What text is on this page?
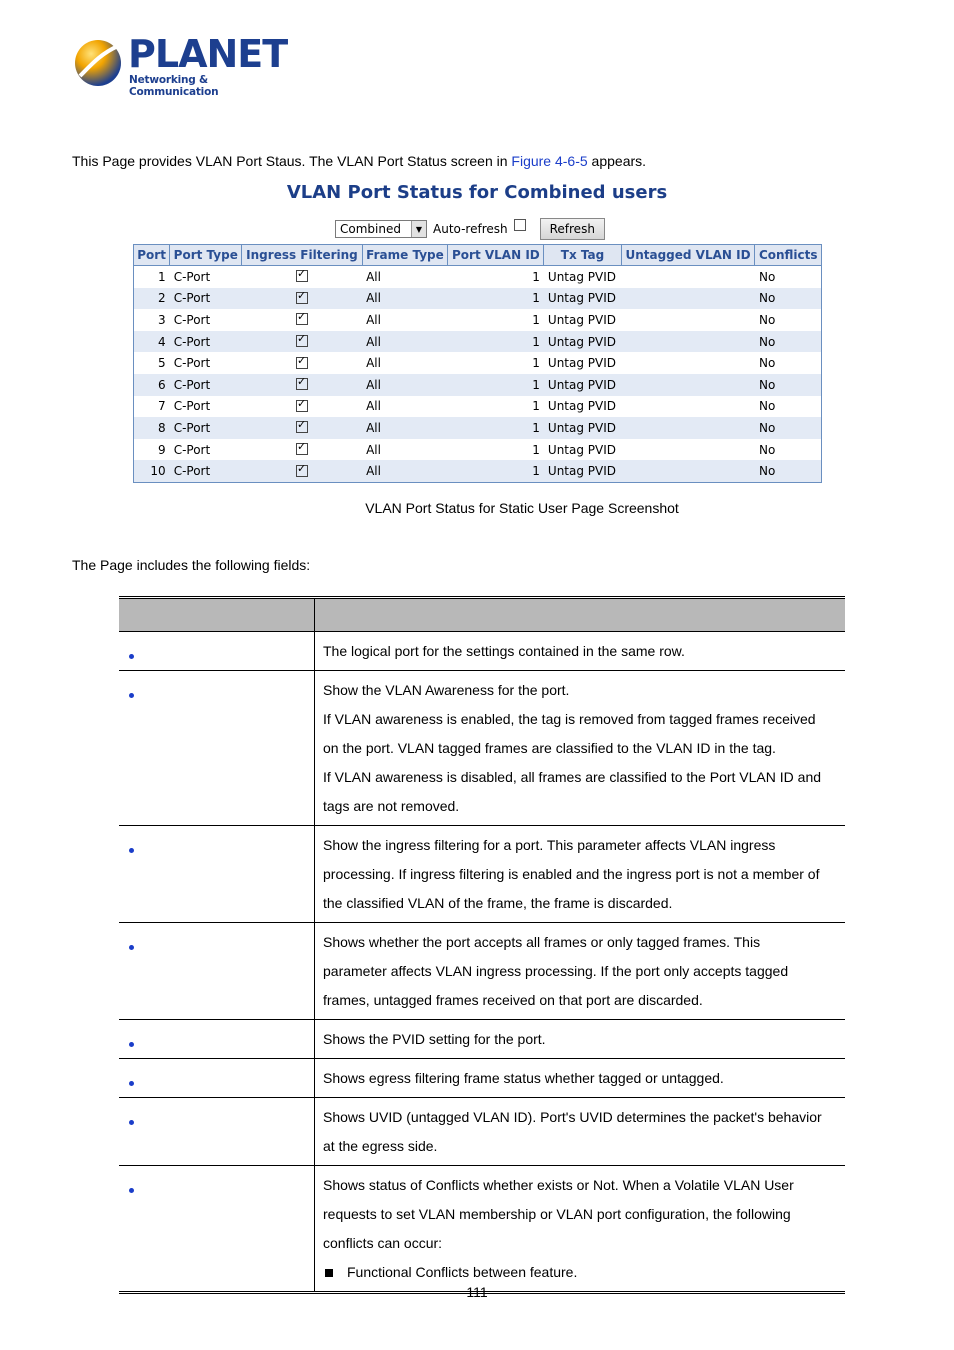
PLANET
Networking & Communication
This Page provides VLAN Port Staus. The VLAN Port Status screen in Figure 4-6-5 appears.
VLAN Port Status for Combined users
Combined	▼ Auto-refresh	Refresh
Port	Port Type	Ingress Filtering	Frame Type	Port VLAN ID	Tx Tag	Untagged VLAN ID	Conflicts
1	C-Port	✓	All	1	Untag PVID		No
2	C-Port	✓	All	1	Untag PVID		No
3	C-Port	✓	All	1	Untag PVID		No
4	C-Port	✓	All	1	Untag PVID		No
5	C-Port	✓	All	1	Untag PVID		No
6	C-Port	✓	All	1	Untag PVID		No
7	C-Port	✓	All	1	Untag PVID		No
8	C-Port	✓	All	1	Untag PVID		No
9	C-Port	✓	All	1	Untag PVID		No
10	C-Port	✓	All	1	Untag PVID		No
VLAN Port Status for Static User Page Screenshot
The Page includes the following fields:

	The logical port for the settings contained in the same row.

	Show the VLAN Awareness for the port.
If VLAN awareness is enabled, the tag is removed from tagged frames received
on the port. VLAN tagged frames are classified to the VLAN ID in the tag.
If VLAN awareness is disabled, all frames are classified to the Port VLAN ID and
tags are not removed.

	Show the ingress filtering for a port. This parameter affects VLAN ingress
processing. If ingress filtering is enabled and the ingress port is not a member of
the classified VLAN of the frame, the frame is discarded.

	Shows whether the port accepts all frames or only tagged frames. This
parameter affects VLAN ingress processing. If the port only accepts tagged
frames, untagged frames received on that port are discarded.

	Shows the PVID setting for the port.

	Shows egress filtering frame status whether tagged or untagged.

	Shows UVID (untagged VLAN ID). Port's UVID determines the packet's behavior
at the egress side.

	Shows status of Conflicts whether exists or Not. When a Volatile VLAN User
requests to set VLAN membership or VLAN port configuration, the following
conflicts can occur:
Functional Conflicts between feature.
111
